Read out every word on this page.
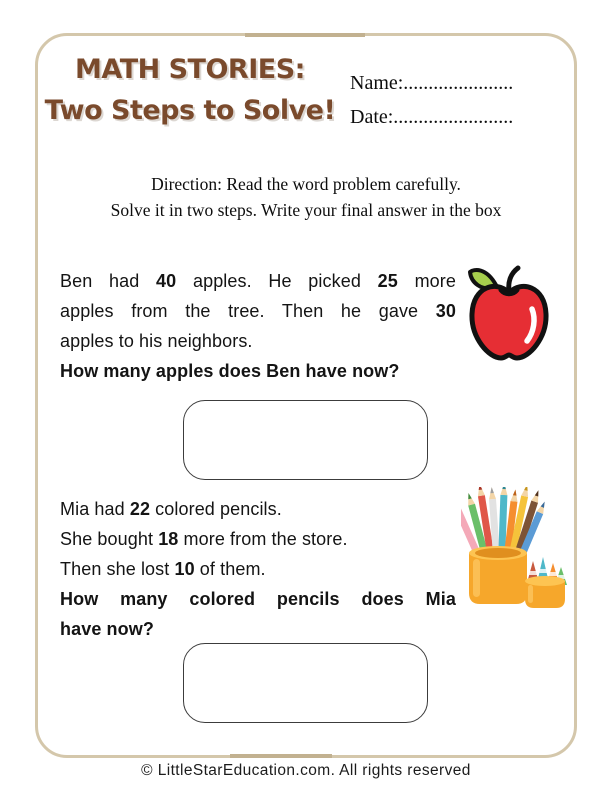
MATH STORIES:
Two Steps to Solve!
Name:......................
Date:........................
Direction: Read the word problem carefully.
Solve it in two steps. Write your final answer in the box
Ben had 40 apples. He picked 25 more
apples from the tree. Then he gave 30
apples to his neighbors.
How many apples does Ben have now?
Mia had 22 colored pencils.
She bought 18 more from the store.
Then she lost 10 of them.
How many colored pencils does Mia
have now?
© LittleStarEducation.com. All rights reserved
